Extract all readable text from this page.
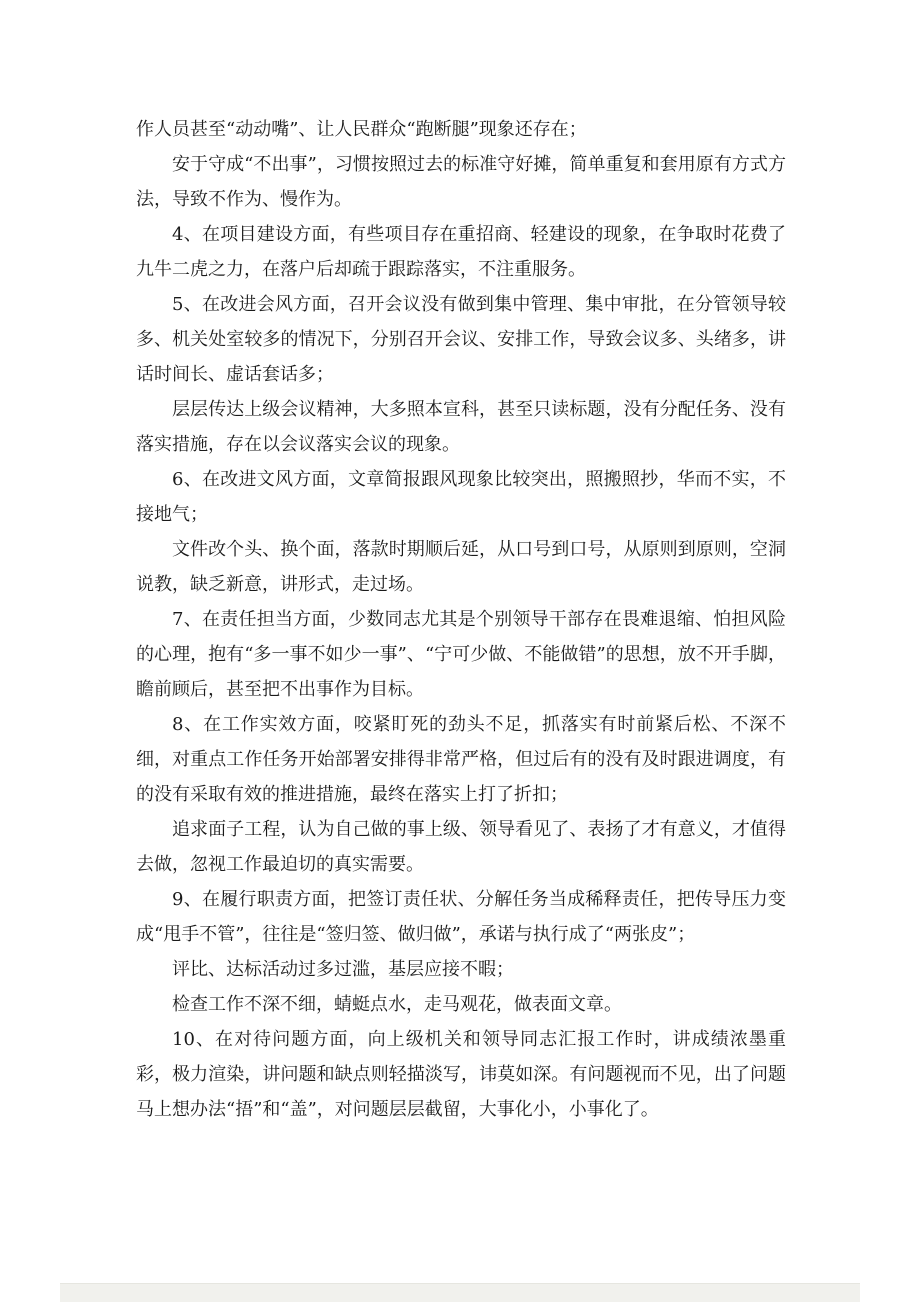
作人员甚至“动动嘴”、让人民群众“跑断腿”现象还存在；

安于守成“不出事”，习惯按照过去的标准守好摊，简单重复和套用原有方式方法，导致不作为、慢作为。

4、在项目建设方面，有些项目存在重招商、轻建设的现象，在争取时花费了九牛二虎之力，在落户后却疏于跟踪落实，不注重服务。

5、在改进会风方面，召开会议没有做到集中管理、集中审批，在分管领导较多、机关处室较多的情况下，分别召开会议、安排工作，导致会议多、头绪多，讲话时间长、虚话套话多；

层层传达上级会议精神，大多照本宣科，甚至只读标题，没有分配任务、没有落实措施，存在以会议落实会议的现象。

6、在改进文风方面，文章简报跟风现象比较突出，照搬照抄，华而不实，不接地气；

文件改个头、换个面，落款时期顺后延，从口号到口号，从原则到原则，空洞说教，缺乏新意，讲形式，走过场。

7、在责任担当方面，少数同志尤其是个别领导干部存在畏难退缩、怕担风险的心理，抱有“多一事不如少一事”、“宁可少做、不能做错”的思想，放不开手脚，瞻前顾后，甚至把不出事作为目标。

8、在工作实效方面，咬紧盯死的劲头不足，抓落实有时前紧后松、不深不细，对重点工作任务开始部署安排得非常严格，但过后有的没有及时跟进调度，有的没有采取有效的推进措施，最终在落实上打了折扣；

追求面子工程，认为自己做的事上级、领导看见了、表扬了才有意义，才值得去做，忽视工作最迫切的真实需要。

9、在履行职责方面，把签订责任状、分解任务当成稀释责任，把传导压力变成“甩手不管”，往往是“签归签、做归做”，承诺与执行成了“两张皮”；

评比、达标活动过多过滥，基层应接不暇；

检查工作不深不细，蜻蜓点水，走马观花，做表面文章。

10、在对待问题方面，向上级机关和领导同志汇报工作时，讲成绩浓墨重彩，极力渲染，讲问题和缺点则轻描淡写，讳莫如深。有问题视而不见，出了问题马上想办法“捂”和“盖”，对问题层层截留，大事化小，小事化了。
